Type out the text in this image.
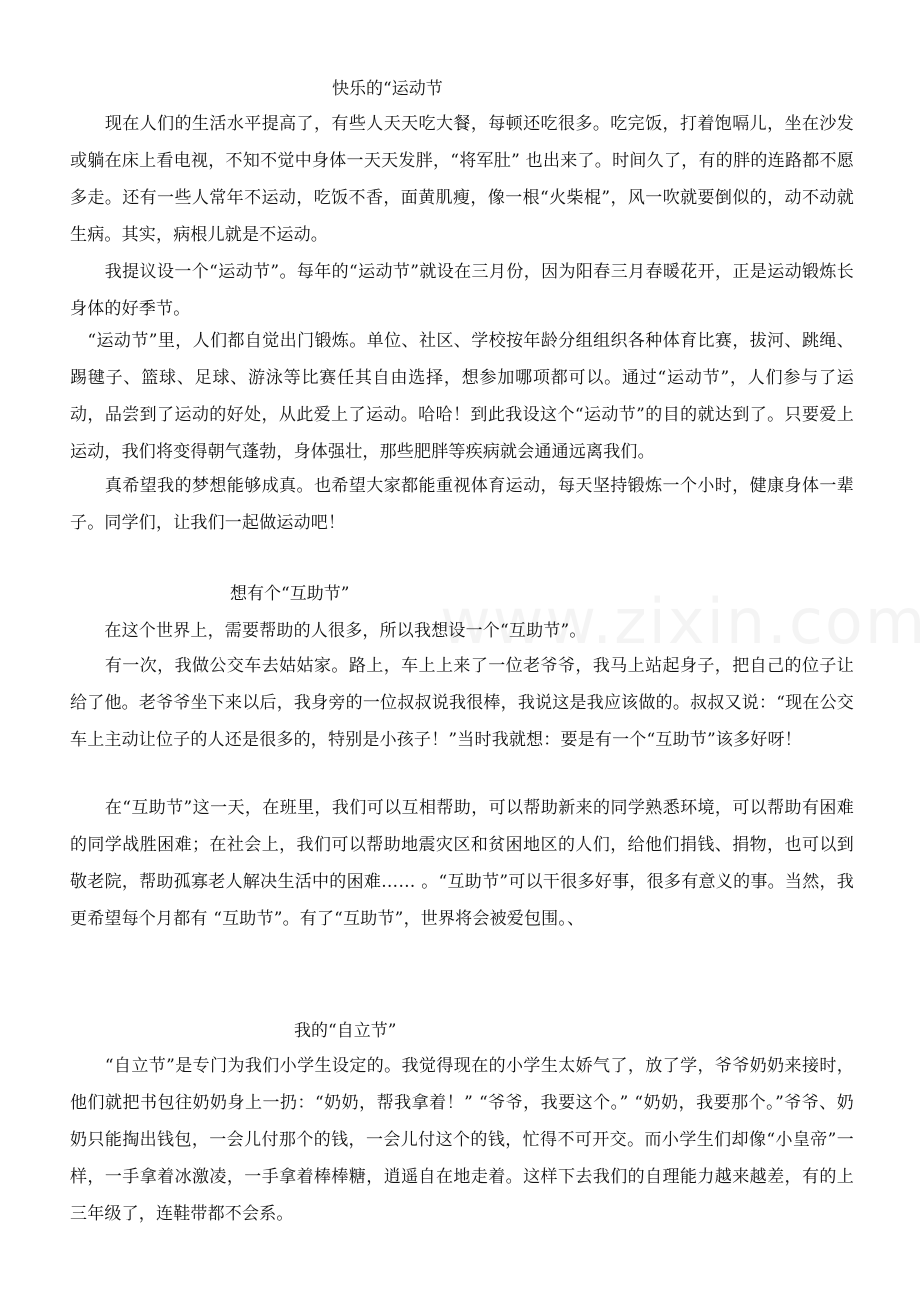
快乐的“运动节
　　现在人们的生活水平提高了，有些人天天吃大餐，每顿还吃很多。吃完饭，打着饱嗝儿，坐在沙发或躺在床上看电视，不知不觉中身体一天天发胖，“将军肚” 也出来了。时间久了，有的胖的连路都不愿多走。还有一些人常年不运动，吃饭不香，面黄肌瘦，像一根“火柴棍”，风一吹就要倒似的，动不动就生病。其实，病根儿就是不运动。
　　我提议设一个“运动节”。每年的“运动节”就设在三月份，因为阳春三月春暖花开，正是运动锻炼长身体的好季节。
　“运动节”里，人们都自觉出门锻炼。单位、社区、学校按年龄分组组织各种体育比赛，拔河、跳绳、踢毽子、篮球、足球、游泳等比赛任其自由选择，想参加哪项都可以。通过“运动节”，人们参与了运动，品尝到了运动的好处，从此爱上了运动。哈哈！到此我设这个“运动节”的目的就达到了。只要爱上运动，我们将变得朝气蓬勃，身体强壮，那些肥胖等疾病就会通通远离我们。
　　真希望我的梦想能够成真。也希望大家都能重视体育运动，每天坚持锻炼一个小时，健康身体一辈子。同学们，让我们一起做运动吧！
想有个“互助节”
　　在这个世界上，需要帮助的人很多，所以我想设一个“互助节”。
　　有一次，我做公交车去姑姑家。路上，车上上来了一位老爷爷，我马上站起身子，把自己的位子让给了他。老爷爷坐下来以后，我身旁的一位叔叔说我很棒，我说这是我应该做的。叔叔又说：“现在公交车上主动让位子的人还是很多的，特别是小孩子！”当时我就想：要是有一个“互助节”该多好呀！
　　在“互助节”这一天，在班里，我们可以互相帮助，可以帮助新来的同学熟悉环境，可以帮助有困难的同学战胜困难；在社会上，我们可以帮助地震灾区和贫困地区的人们，给他们捐钱、捐物，也可以到敬老院，帮助孤寡老人解决生活中的困难…… 。“互助节”可以干很多好事，很多有意义的事。当然，我更希望每个月都有 “互助节”。有了“互助节”，世界将会被爱包围。、
我的“自立节”
　　“自立节”是专门为我们小学生设定的。我觉得现在的小学生太娇气了，放了学，爷爷奶奶来接时，他们就把书包往奶奶身上一扔：“奶奶，帮我拿着！” “爷爷，我要这个。” “奶奶，我要那个。”爷爷、奶奶只能掏出钱包，一会儿付那个的钱，一会儿付这个的钱，忙得不可开交。而小学生们却像“小皇帝”一样，一手拿着冰激凌，一手拿着棒棒糖，逍遥自在地走着。这样下去我们的自理能力越来越差，有的上三年级了，连鞋带都不会系。
